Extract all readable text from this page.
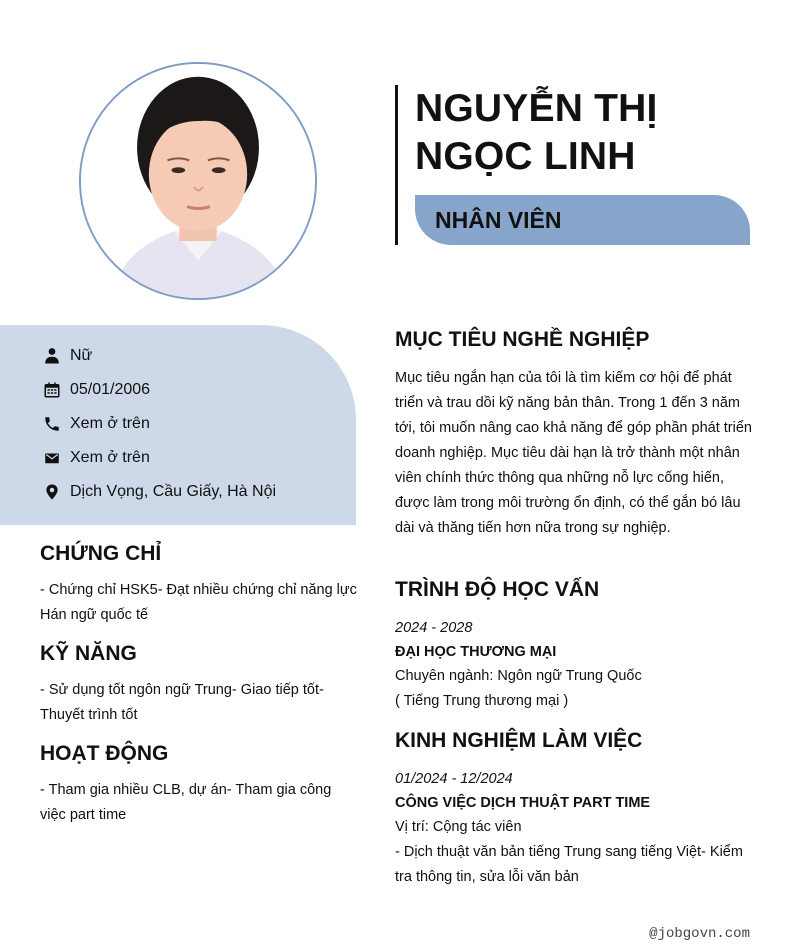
NGUYỄN THỊ
NGỌC LINH
NHÂN VIÊN
Nữ
05/01/2006
Xem ở trên
Xem ở trên
Dịch Vọng, Cầu Giấy, Hà Nội
CHỨNG CHỈ
- Chứng chỉ HSK5- Đạt nhiều chứng chỉ năng lực Hán ngữ quốc tế
KỸ NĂNG
- Sử dụng tốt ngôn ngữ Trung- Giao tiếp tốt- Thuyết trình tốt
HOẠT ĐỘNG
- Tham gia nhiều CLB, dự án- Tham gia công việc part time
MỤC TIÊU NGHỀ NGHIỆP
Mục tiêu ngắn hạn của tôi là tìm kiếm cơ hội để phát triển và trau dồi kỹ năng bản thân. Trong 1 đến 3 năm tới, tôi muốn nâng cao khả năng để góp phần phát triển doanh nghiệp. Mục tiêu dài hạn là trở thành một nhân viên chính thức thông qua những nỗ lực cống hiến, được làm trong môi trường ổn định, có thể gắn bó lâu dài và thăng tiến hơn nữa trong sự nghiệp.
TRÌNH ĐỘ HỌC VẤN
2024 - 2028
ĐẠI HỌC THƯƠNG MẠI
Chuyên ngành: Ngôn ngữ Trung Quốc
( Tiếng Trung thương mại )
KINH NGHIỆM LÀM VIỆC
01/2024 - 12/2024
CÔNG VIỆC DỊCH THUẬT PART TIME
Vị trí: Cộng tác viên
- Dịch thuật văn bản tiếng Trung sang tiếng Việt- Kiểm tra thông tin, sửa lỗi văn bản
@jobgovn.com
